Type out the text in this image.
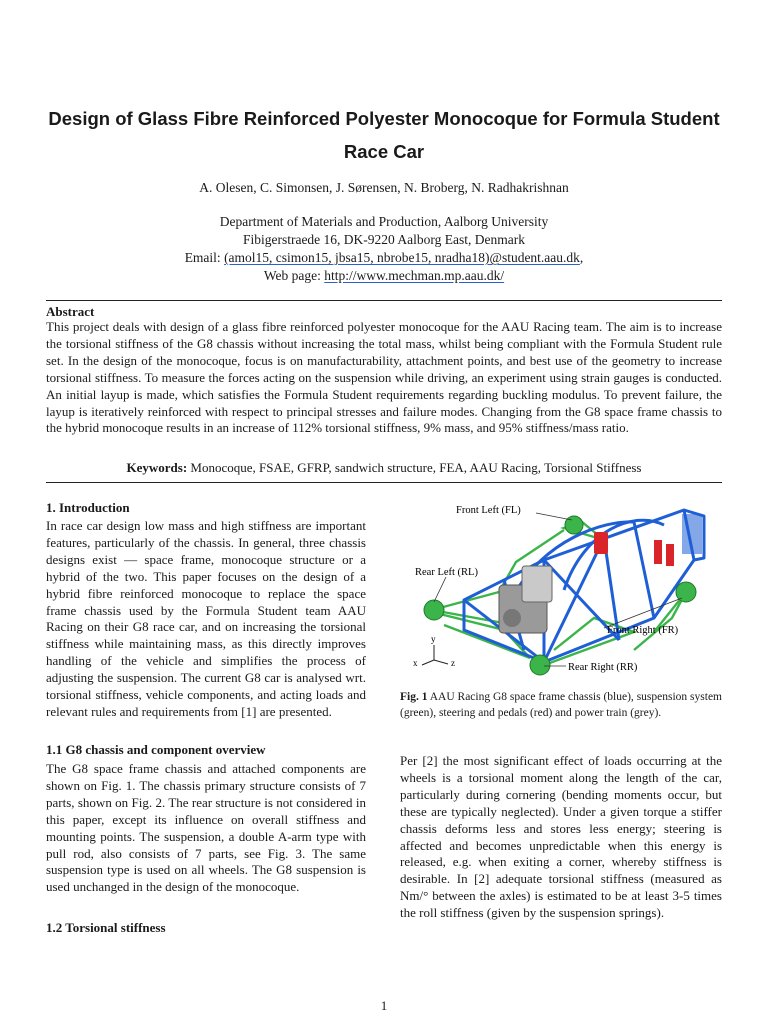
Design of Glass Fibre Reinforced Polyester Monocoque for Formula Student Race Car
A. Olesen, C. Simonsen, J. Sørensen, N. Broberg, N. Radhakrishnan
Department of Materials and Production, Aalborg University
Fibigerstraede 16, DK-9220 Aalborg East, Denmark
Email: (amol15, csimon15, jbsa15, nbrobe15, nradha18)@student.aau.dk,
Web page: http://www.mechman.mp.aau.dk/
Abstract

This project deals with design of a glass fibre reinforced polyester monocoque for the AAU Racing team. The aim is to increase the torsional stiffness of the G8 chassis without increasing the total mass, whilst being compliant with the Formula Student rule set. In the design of the monocoque, focus is on manufacturability, attachment points, and best use of the geometry to increase torsional stiffness. To measure the forces acting on the suspension while driving, an experiment using strain gauges is conducted. An initial layup is made, which satisfies the Formula Student requirements regarding buckling modulus. To prevent failure, the layup is iteratively reinforced with respect to principal stresses and failure modes. Changing from the G8 space frame chassis to the hybrid monocoque results in an increase of 112% torsional stiffness, 9% mass, and 95% stiffness/mass ratio.

Keywords: Monocoque, FSAE, GFRP, sandwich structure, FEA, AAU Racing, Torsional Stiffness
1. Introduction

In race car design low mass and high stiffness are important features, particularly of the chassis. In general, three chassis designs exist — space frame, monocoque structure or a hybrid of the two. This paper focuses on the design of a hybrid fibre reinforced monocoque to replace the space frame chassis used by the Formula Student team AAU Racing on their G8 race car, and on increasing the torsional stiffness while maintaining mass, as this directly improves handling of the vehicle and simplifies the process of adjusting the suspension. The current G8 car is analysed wrt. torsional stiffness, vehicle components, and acting loads and relevant rules and requirements from [1] are presented.

1.1 G8 chassis and component overview

The G8 space frame chassis and attached components are shown on Fig. 1. The chassis primary structure consists of 7 parts, shown on Fig. 2. The rear structure is not considered in this paper, except its influence on overall stiffness and mounting points. The suspension, a double A-arm type with pull rod, also consists of 7 parts, see Fig. 3. The same suspension type is used on all wheels. The G8 suspension is used unchanged in the design of the monocoque.

1.2 Torsional stiffness
y
x	z
Front Left (FL)
Rear Left (RL)
Front Right (FR)
Rear Right (RR)

Fig. 1 AAU Racing G8 space frame chassis (blue), suspension system (green), steering and pedals (red) and power train (grey).

Per [2] the most significant effect of loads occurring at the wheels is a torsional moment along the length of the car, particularly during cornering (bending moments occur, but these are typically neglected). Under a given torque a stiffer chassis deforms less and stores less energy; steering is affected and becomes unpredictable when this energy is released, e.g. when exiting a corner, whereby stiffness is desirable. In [2] adequate torsional stiffness (measured as Nm/° between the axles) is estimated to be at least 3-5 times the roll stiffness (given by the suspension springs).

1
